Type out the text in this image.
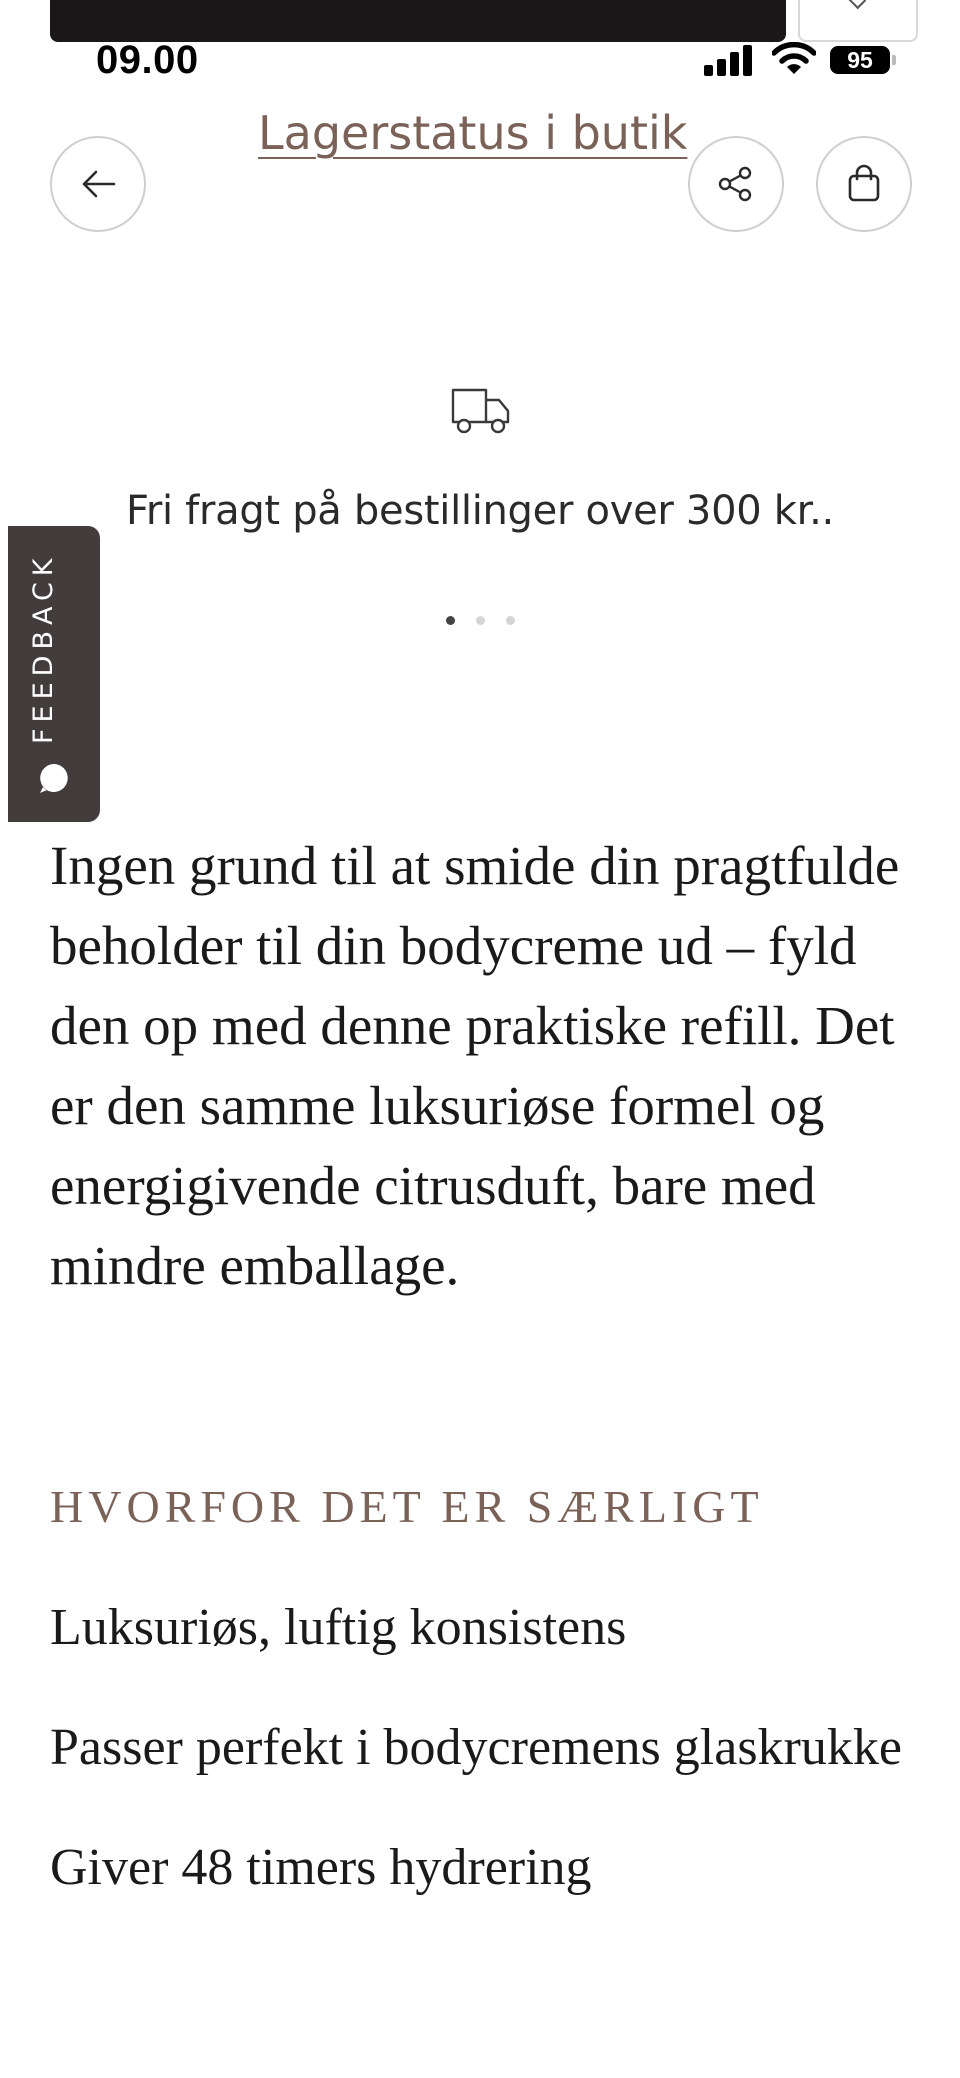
09.00	95
Lagerstatus i butik
Fri fragt på bestillinger over 300 kr..
FEEDBACK

Ingen grund til at smide din pragtfulde beholder til din bodycreme ud – fyld den op med denne praktiske refill. Det er den samme luksuriøse formel og energigivende citrusduft, bare med mindre emballage.

HVORFOR DET ER SÆRLIGT
Luksuriøs, luftig konsistens
Passer perfekt i bodycremens glaskrukke
Giver 48 timers hydrering
